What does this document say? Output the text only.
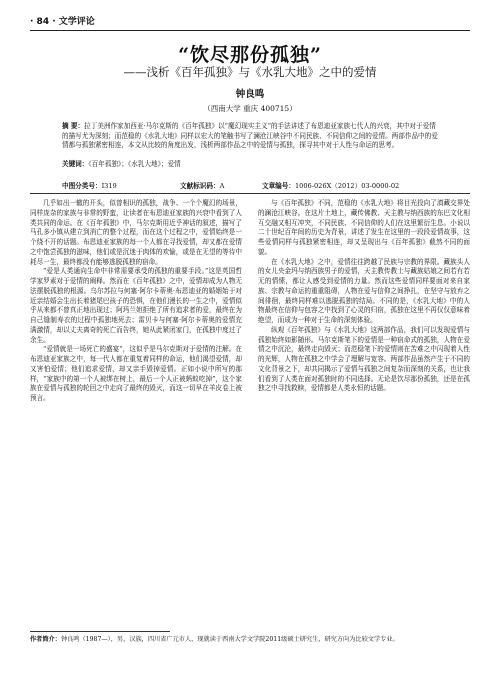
· 84 · 文学评论
“饮尽那份孤独”
——浅析《百年孤独》与《水乳大地》之中的爱情
钟良鸣
（西南大学 重庆 400715）
摘 要：拉丁美洲作家加西亚·马尔克斯的《百年孤独》以“魔幻现实主义”的手法讲述了布恩迪亚家族七代人的兴衰，其中对于爱情的描写尤为深刻；而范稳的《水乳大地》同样以宏大的笔触书写了澜沧江峡谷中不同民族、不同信仰之间的爱情。两部作品中的爱情都与孤独紧密相连，本文从比较的角度出发，浅析两部作品之中的爱情与孤独，探寻其中对于人性与命运的思考。
关键词：《百年孤独》；《水乳大地》；爱情
中图分类号：I319	文献标识码：A	文章编号：1006-026X（2012）03-0000-02

几乎如出一辙的开头，似曾相识的孤独，战争、一个个魔幻的场景，同样庞杂的家族与非常的野蛮，让读者在布恩迪亚家族的兴衰中看到了人类共同的命运。在《百年孤独》中，马尔克斯用近乎神话的叙述，描写了马孔多小镇从建立到消亡的整个过程，而在这个过程之中，爱情始终是一个绕不开的话题。布恩迪亚家族的每一个人都在寻找爱情，却又都在爱情之中饱尝孤独的滋味，他们或是沉迷于肉体的欢愉，或是在无望的等待中耗尽一生，最终都没有能够逃脱孤独的宿命。

“爱是人类通向生命中非常需要承受的孤独的重要手段。”这是英国哲学家罗素对于爱情的阐释。然而在《百年孤独》之中，爱情却成为人物无法摆脱孤独的根源。乌尔苏拉与何塞·阿尔卡蒂奥·布恩迪亚的婚姻始于对近亲结婚会生出长着猪尾巴孩子的恐惧，在他们漫长的一生之中，爱情似乎从来都不曾真正地出现过；阿玛兰妲拒绝了所有追求者的爱，最终在为自己缝制寿衣的过程中孤独地死去；雷贝卡与何塞·阿尔卡蒂奥的爱情充满激情，却以丈夫离奇的死亡而告终，她从此紧闭家门，在孤独中度过了余生。

“爱情就是一场死亡的盛宴”，这似乎是马尔克斯对于爱情的注解。在布恩迪亚家族之中，每一代人都在重复着同样的命运，他们渴望爱情，却又害怕爱情；他们追求爱情，却又亲手毁掉爱情。正如小说中所写的那样，“家族中的第一个人被绑在树上，最后一个人正被蚂蚁吃掉”，这个家族在爱情与孤独的轮回之中走向了最终的毁灭，而这一切早在羊皮卷上被预言。

与《百年孤独》不同，范稳的《水乳大地》将目光投向了滇藏交界处的澜沧江峡谷。在这片土地上，藏传佛教、天主教与纳西族的东巴文化相互交融又相互冲突，不同民族、不同信仰的人们在这里繁衍生息。小说以二十世纪百年间的历史为背景，讲述了发生在这里的一段段爱情故事，这些爱情同样与孤独紧密相连，却又呈现出与《百年孤独》截然不同的面貌。

在《水乳大地》之中，爱情往往跨越了民族与宗教的界限。藏族头人的女儿央金玛与纳西族男子的爱情，天主教传教士与藏族姑娘之间若有若无的情愫，都让人感受到爱情的力量。然而这些爱情同样要面对来自家族、宗教与命运的重重阻碍，人物在爱与信仰之间挣扎，在坚守与放弃之间徘徊，最终同样难以逃脱孤独的结局。不同的是，《水乳大地》中的人物最终在信仰与包容之中找到了心灵的归宿，孤独在这里不再仅仅意味着绝望，而成为一种对于生命的深刻体验。

纵观《百年孤独》与《水乳大地》这两部作品，我们可以发现爱情与孤独始终如影随形。马尔克斯笔下的爱情是一种宿命式的孤独，人物在爱情之中沉沦，最终走向毁灭；而范稳笔下的爱情则在苦难之中闪现着人性的光辉，人物在孤独之中学会了理解与宽容。两部作品虽然产生于不同的文化背景之下，却共同揭示了爱情与孤独之间复杂而深刻的关系，也让我们看到了人类在面对孤独时的不同选择。无论是饮尽那份孤独，还是在孤独之中寻找救赎，爱情都是人类永恒的话题。

作者简介：钟良鸣（1987—），男，汉族，四川省广元市人，现就读于西南大学文学院2011级硕士研究生，研究方向为比较文学专业。
